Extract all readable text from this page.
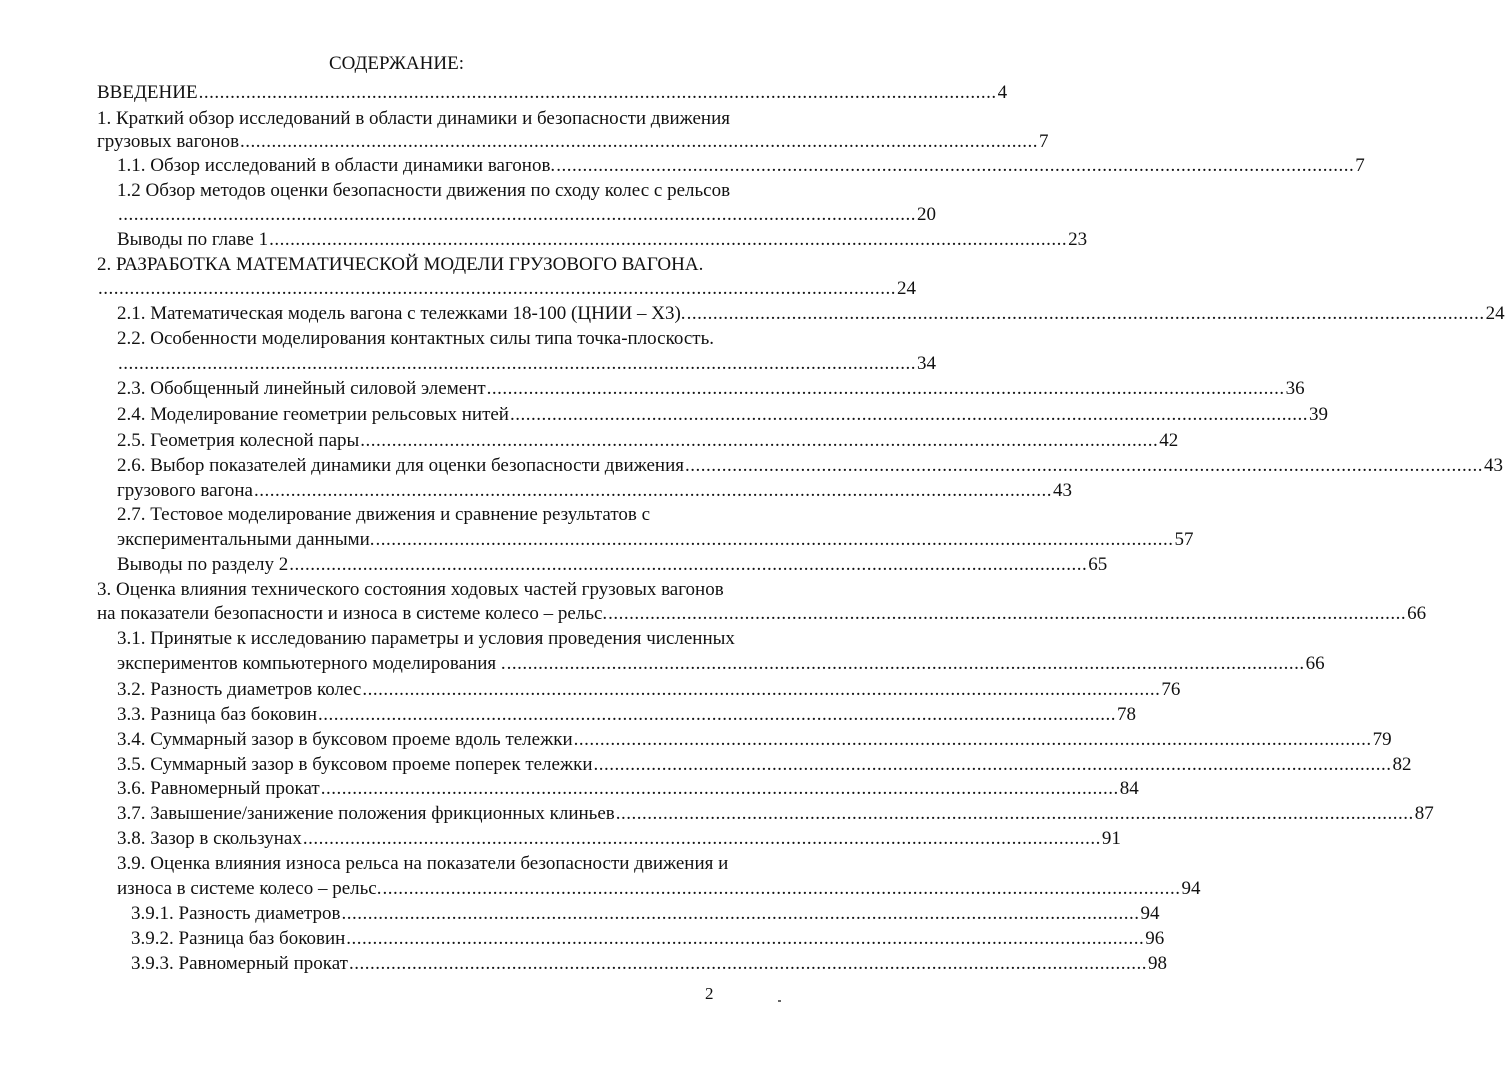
СОДЕРЖАНИЕ:
ВВЕДЕНИЕ ........................................................................................................................................................ 4
1. Краткий обзор исследований в области динамики и безопасности движения
грузовых вагонов ........................................................................................................................................................ 7
1.1. Обзор исследований в области динамики вагонов. ........................................................................................................................................................ 7
1.2 Обзор методов оценки безопасности движения по сходу колес с рельсов
........................................................................................................................................................ 20
Выводы по главе 1 ........................................................................................................................................................ 23
2. РАЗРАБОТКА МАТЕМАТИЧЕСКОЙ МОДЕЛИ ГРУЗОВОГО ВАГОНА.
........................................................................................................................................................ 24
2.1. Математическая модель вагона с тележками 18-100 (ЦНИИ – Х3). ........................................................................................................................................................ 24
2.2. Особенности моделирования контактных силы типа точка-плоскость.
........................................................................................................................................................ 34
2.3. Обобщенный линейный силовой элемент ........................................................................................................................................................ 36
2.4. Моделирование геометрии рельсовых нитей ........................................................................................................................................................ 39
2.5. Геометрия колесной пары ........................................................................................................................................................ 42
2.6. Выбор показателей динамики для оценки безопасности движения ........................................................................................................................................................ 43
грузового вагона ........................................................................................................................................................ 43
2.7. Тестовое моделирование движения и сравнение результатов с
экспериментальными данными. ........................................................................................................................................................ 57
Выводы по разделу 2 ........................................................................................................................................................ 65
3. Оценка влияния технического состояния ходовых частей грузовых вагонов
на показатели безопасности и износа в системе колесо – рельс. ........................................................................................................................................................ 66
3.1. Принятые к исследованию параметры и условия проведения численных
экспериментов компьютерного моделирования . ........................................................................................................................................................ 66
3.2. Разность диаметров колес ........................................................................................................................................................ 76
3.3. Разница баз боковин ........................................................................................................................................................ 78
3.4. Суммарный зазор в буксовом проеме вдоль тележки ........................................................................................................................................................ 79
3.5. Суммарный зазор в буксовом проеме поперек тележки ........................................................................................................................................................ 82
3.6. Равномерный прокат ........................................................................................................................................................ 84
3.7. Завышение/занижение положения фрикционных клиньев ........................................................................................................................................................ 87
3.8. Зазор в скользунах ........................................................................................................................................................ 91
3.9. Оценка влияния износа рельса на показатели безопасности движения и
износа в системе колесо – рельс. ........................................................................................................................................................ 94
3.9.1. Разность диаметров ........................................................................................................................................................ 94
3.9.2. Разница баз боковин ........................................................................................................................................................ 96
3.9.3. Равномерный прокат ........................................................................................................................................................ 98
2
